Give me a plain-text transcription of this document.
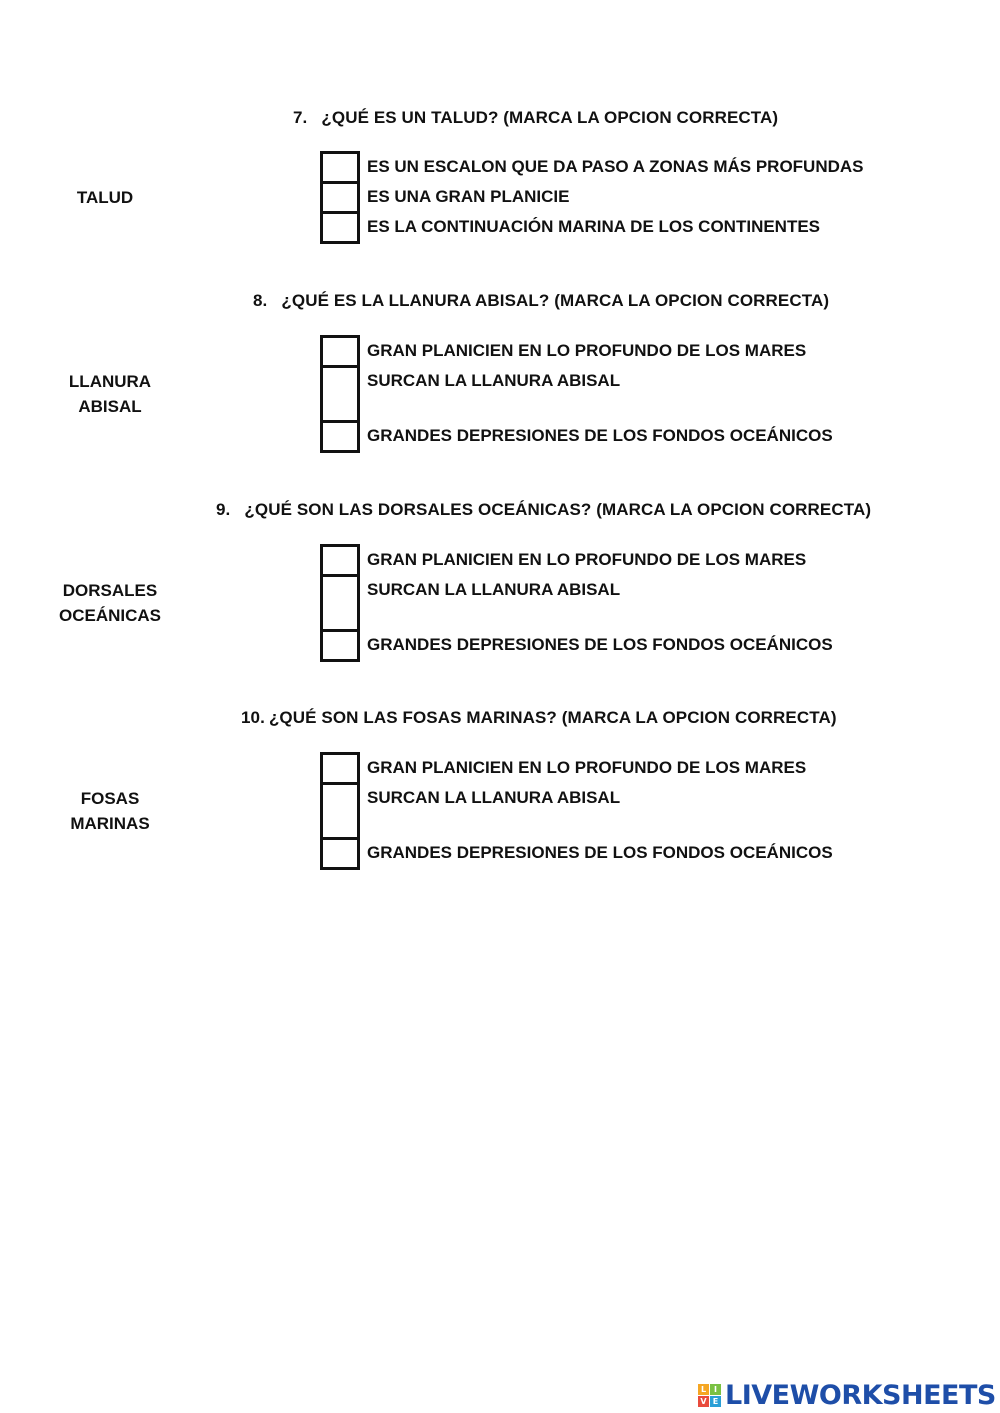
7. ¿QUÉ ES UN TALUD? (MARCA LA OPCION CORRECTA)
TALUD
ES UN ESCALON QUE DA PASO A ZONAS MÁS PROFUNDAS
ES UNA GRAN PLANICIE
ES LA CONTINUACIÓN MARINA DE LOS CONTINENTES
8. ¿QUÉ ES LA LLANURA ABISAL? (MARCA LA OPCION CORRECTA)
LLANURA
ABISAL
GRAN PLANICIEN EN LO PROFUNDO DE LOS MARES
SURCAN LA LLANURA ABISAL
GRANDES DEPRESIONES DE LOS FONDOS OCEÁNICOS
9. ¿QUÉ SON LAS DORSALES OCEÁNICAS? (MARCA LA OPCION CORRECTA)
DORSALES
OCEÁNICAS
GRAN PLANICIEN EN LO PROFUNDO DE LOS MARES
SURCAN LA LLANURA ABISAL
GRANDES DEPRESIONES DE LOS FONDOS OCEÁNICOS
10. ¿QUÉ SON LAS FOSAS MARINAS? (MARCA LA OPCION CORRECTA)
FOSAS
MARINAS
GRAN PLANICIEN EN LO PROFUNDO DE LOS MARES
SURCAN LA LLANURA ABISAL
GRANDES DEPRESIONES DE LOS FONDOS OCEÁNICOS
L I
V E LIVEWORKSHEETS
